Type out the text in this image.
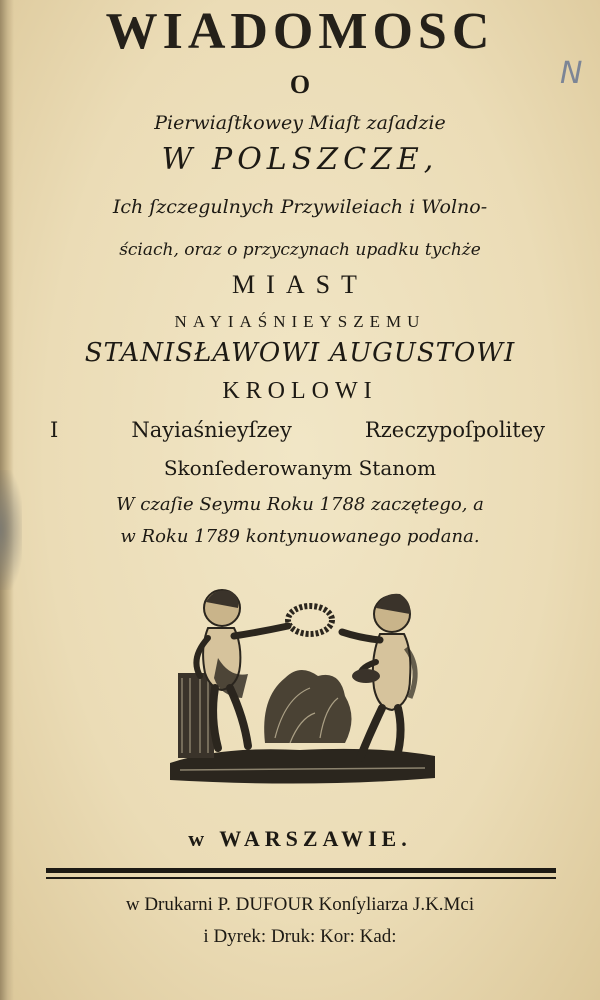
N
WIADOMOSC
O
Pierwiaſtkowey Miaſt zaſadzie
W POLSZCZE,
Ich ſzczegulnych Przywileiach i Wolno-
ściach, oraz o przyczynach upadku tychże
MIAST
NAYIAŚNIEYSZEMU
STANISŁAWOWI AUGUSTOWI
KROLOWI
I	Nayiaśnieyſzey	Rzeczypoſpolitey
Skonſederowanym Stanom
W czaſie Seymu Roku 1788 zaczętego, a
w Roku 1789 kontynuowanego podana.
w WARSZAWIE.
w Drukarni P. DUFOUR Konſyliarza J.K.Mci
i Dyrek: Druk: Kor: Kad:
